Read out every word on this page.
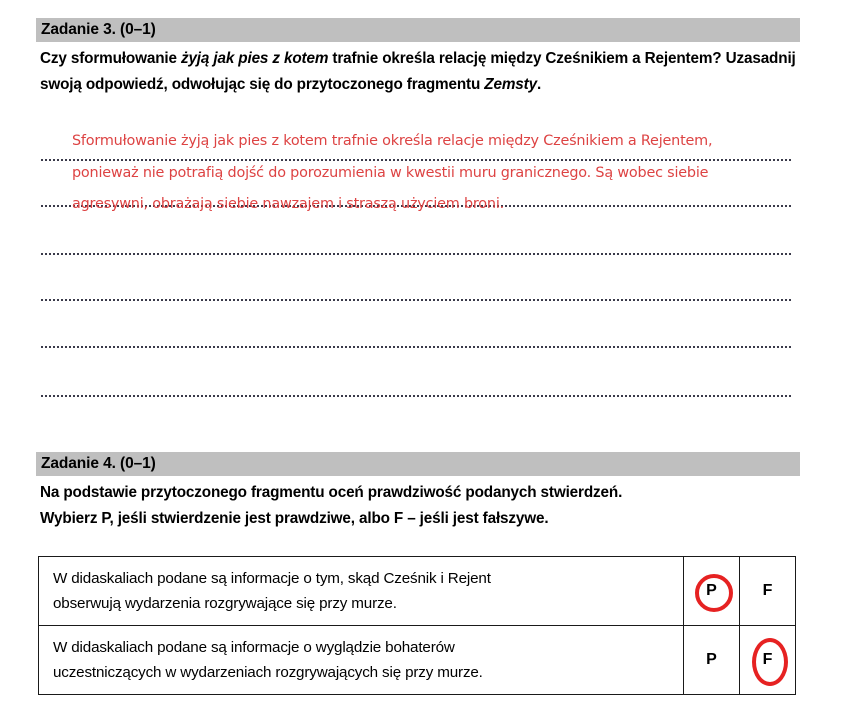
Zadanie 3. (0–1)
Czy sformułowanie żyją jak pies z kotem trafnie określa relację między Cześnikiem a Rejentem? Uzasadnij swoją odpowiedź, odwołując się do przytoczonego fragmentu Zemsty.
Sformułowanie żyją jak pies z kotem trafnie określa relacje między Cześnikiem a Rejentem,
ponieważ nie potrafią dojść do porozumienia w kwestii muru granicznego. Są wobec siebie
agresywni, obrażają siebie nawzajem i straszą użyciem broni.
Zadanie 4. (0–1)
Na podstawie przytoczonego fragmentu oceń prawdziwość podanych stwierdzeń.
Wybierz P, jeśli stwierdzenie jest prawdziwe, albo F – jeśli jest fałszywe.
W didaskaliach podane są informacje o tym, skąd Cześnik i Rejent
obserwują wydarzenia rozgrywające się przy murze.	P	F

W didaskaliach podane są informacje o wyglądzie bohaterów
uczestniczących w wydarzeniach rozgrywających się przy murze.	P	F
